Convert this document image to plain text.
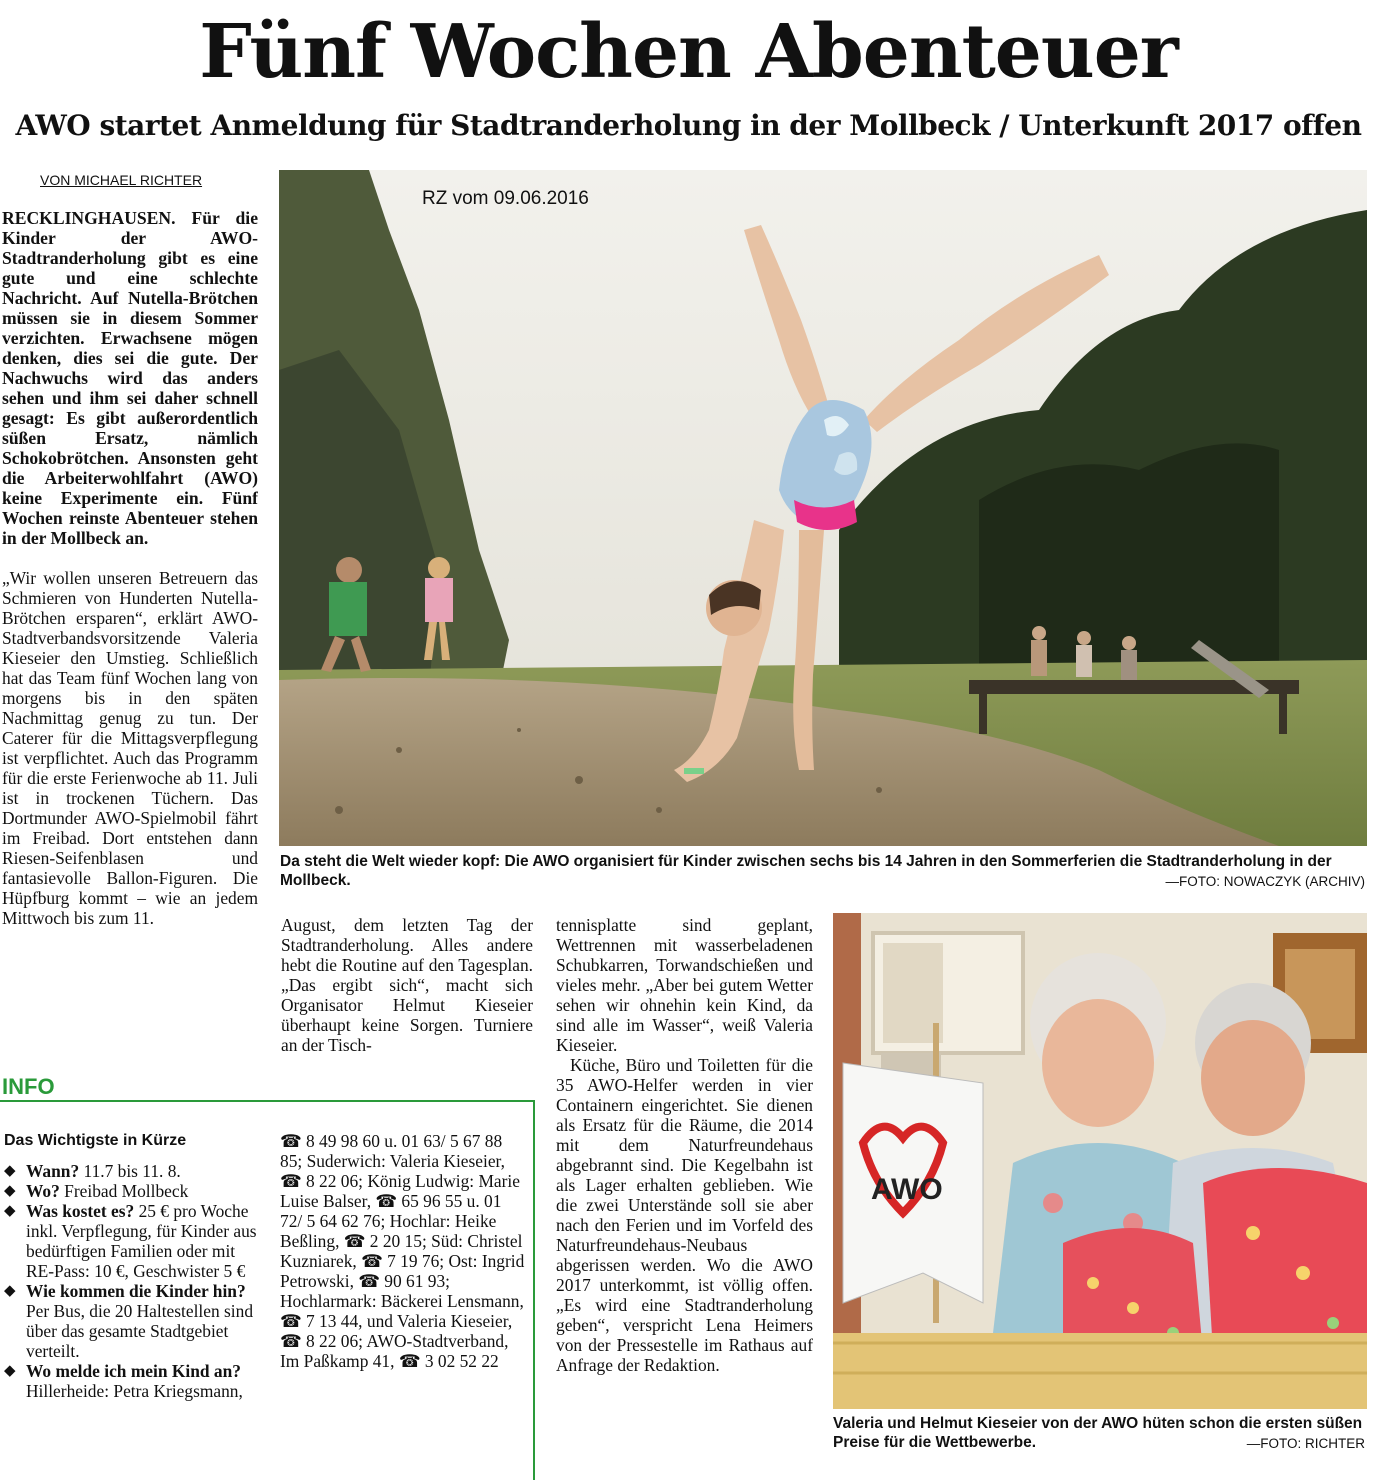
Fünf Wochen Abenteuer
AWO startet Anmeldung für Stadtranderholung in der Mollbeck / Unterkunft 2017 offen
VON MICHAEL RICHTER

RECKLINGHAUSEN. Für die Kinder der AWO-Stadtranderholung gibt es eine gute und eine schlechte Nachricht. Auf Nutella-Brötchen müssen sie in diesem Sommer verzichten. Erwachsene mögen denken, dies sei die gute. Der Nachwuchs wird das anders sehen und ihm sei daher schnell gesagt: Es gibt außerordentlich süßen Ersatz, nämlich Schokobrötchen. Ansonsten geht die Arbeiterwohlfahrt (AWO) keine Experimente ein. Fünf Wochen reinste Abenteuer stehen in der Mollbeck an.

„Wir wollen unseren Betreuern das Schmieren von Hunderten Nutella-Brötchen ersparen“, erklärt AWO-Stadtverbandsvorsitzende Valeria Kieseier den Umstieg. Schließlich hat das Team fünf Wochen lang von morgens bis in den späten Nachmittag genug zu tun. Der Caterer für die Mittagsverpflegung ist verpflichtet. Auch das Programm für die erste Ferienwoche ab 11. Juli ist in trockenen Tüchern. Das Dortmunder AWO-Spielmobil fährt im Freibad. Dort entstehen dann Riesen-Seifenblasen und fantasievolle Ballon-Figuren. Die Hüpfburg kommt – wie an jedem Mittwoch bis zum 11.

RZ vom 09.06.2016
Da steht die Welt wieder kopf: Die AWO organisiert für Kinder zwischen sechs bis 14 Jahren in den Sommerferien die Stadtranderholung in der Mollbeck.	—FOTO: NOWACZYK (ARCHIV)
August, dem letzten Tag der Stadtranderholung. Alles andere hebt die Routine auf den Tagesplan. „Das ergibt sich“, macht sich Organisator Helmut Kieseier überhaupt keine Sorgen. Turniere an der Tisch-

tennisplatte sind geplant, Wettrennen mit wasserbeladenen Schubkarren, Torwandschießen und vieles mehr. „Aber bei gutem Wetter sehen wir ohnehin kein Kind, da sind alle im Wasser“, weiß Valeria Kieseier.

Küche, Büro und Toiletten für die 35 AWO-Helfer werden in vier Containern eingerichtet. Sie dienen als Ersatz für die Räume, die 2014 mit dem Naturfreundehaus abgebrannt sind. Die Kegelbahn ist als Lager erhalten geblieben. Wie die zwei Unterstände soll sie aber nach den Ferien und im Vorfeld des Naturfreundehaus-Neubaus abgerissen werden. Wo die AWO 2017 unterkommt, ist völlig offen. „Es wird eine Stadtranderholung geben“, verspricht Lena Heimers von der Pressestelle im Rathaus auf Anfrage der Redaktion.

AWO
Valeria und Helmut Kieseier von der AWO hüten schon die ersten süßen Preise für die Wettbewerbe.	—FOTO: RICHTER
INFO
Das Wichtigste in Kürze
◆ Wann? 11.7 bis 11. 8.
◆ Wo? Freibad Mollbeck
◆ Was kostet es? 25 € pro Woche inkl. Verpflegung, für Kinder aus bedürftigen Familien oder mit RE-Pass: 10 €, Geschwister 5 €
◆ Wie kommen die Kinder hin? Per Bus, die 20 Haltestellen sind über das gesamte Stadtgebiet verteilt.
◆ Wo melde ich mein Kind an? Hillerheide: Petra Kriegsmann,
☎ 8 49 98 60 u. 01 63/ 5 67 88 85; Suderwich: Valeria Kieseier, ☎ 8 22 06; König Ludwig: Marie Luise Balser, ☎ 65 96 55 u. 01 72/ 5 64 62 76; Hochlar: Heike Beßling, ☎ 2 20 15; Süd: Christel Kuzniarek, ☎ 7 19 76; Ost: Ingrid Petrowski, ☎ 90 61 93; Hochlarmark: Bäckerei Lensmann, ☎ 7 13 44, und Valeria Kieseier, ☎ 8 22 06; AWO-Stadtverband, Im Paßkamp 41, ☎ 3 02 52 22
